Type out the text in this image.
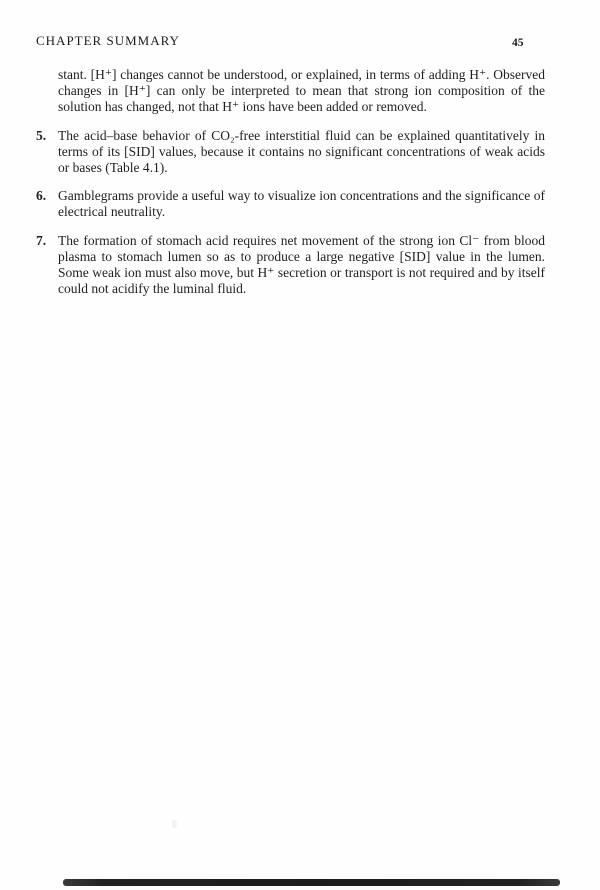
CHAPTER SUMMARY	45

stant. [H⁺] changes cannot be understood, or explained, in terms of adding H⁺. Observed changes in [H⁺] can only be interpreted to mean that strong ion composition of the solution has changed, not that H⁺ ions have been added or removed.

5. The acid–base behavior of CO₂-free interstitial fluid can be explained quantitatively in terms of its [SID] values, because it contains no significant concentrations of weak acids or bases (Table 4.1).
6. Gamblegrams provide a useful way to visualize ion concentrations and the significance of electrical neutrality.
7. The formation of stomach acid requires net movement of the strong ion Cl⁻ from blood plasma to stomach lumen so as to produce a large negative [SID] value in the lumen. Some weak ion must also move, but H⁺ secretion or transport is not required and by itself could not acidify the luminal fluid.
